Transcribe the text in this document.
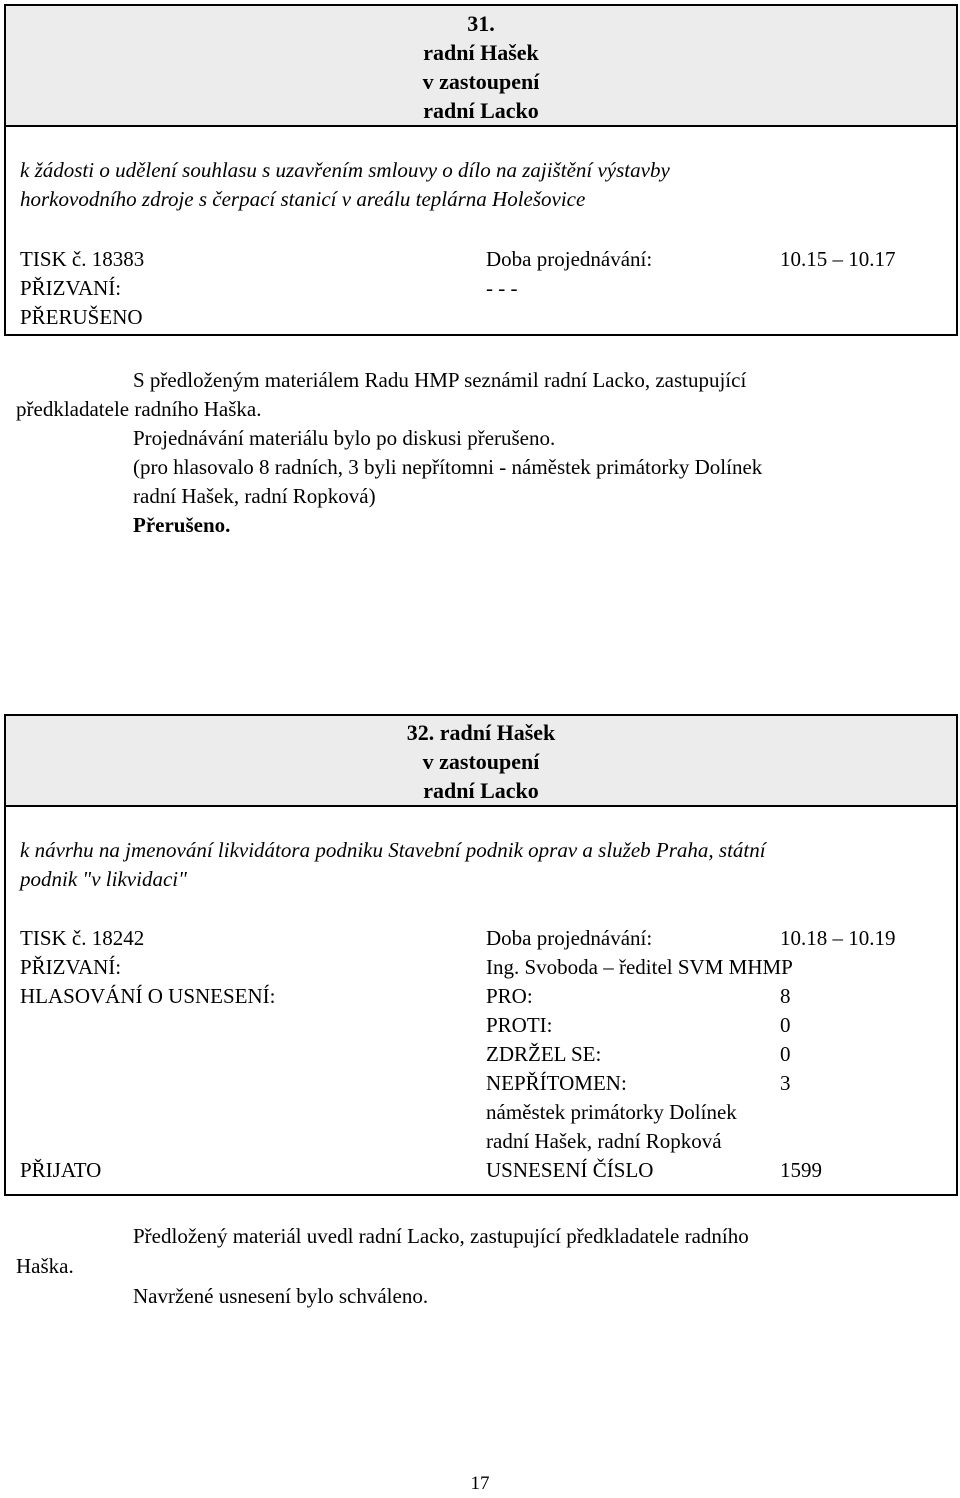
31.
radní Hašek
v zastoupení
radní Lacko
k žádosti o udělení souhlasu s uzavřením smlouvy o dílo na zajištění výstavby
horkovodního zdroje s čerpací stanicí v areálu teplárna Holešovice
TISK č. 18383	Doba projednávání:	10.15 – 10.17
PŘIZVANÍ:	- - -
PŘERUŠENO
S předloženým materiálem Radu HMP seznámil radní Lacko, zastupující
předkladatele radního Haška.
Projednávání materiálu bylo po diskusi přerušeno.
(pro hlasovalo 8 radních, 3 byli nepřítomni - náměstek primátorky Dolínek
radní Hašek, radní Ropková)
Přerušeno.
32. radní Hašek
v zastoupení
radní Lacko
k návrhu na jmenování likvidátora podniku Stavební podnik oprav a služeb Praha, státní
podnik "v likvidaci"
TISK č. 18242	Doba projednávání:	10.18 – 10.19
PŘIZVANÍ:	Ing. Svoboda – ředitel SVM MHMP
HLASOVÁNÍ O USNESENÍ:	PRO:	8
PROTI:	0
ZDRŽEL SE:	0
NEPŘÍTOMEN:	3
náměstek primátorky Dolínek
radní Hašek, radní Ropková
PŘIJATO	USNESENÍ ČÍSLO	1599
Předložený materiál uvedl radní Lacko, zastupující předkladatele radního
Haška.
Navržené usnesení bylo schváleno.
17
